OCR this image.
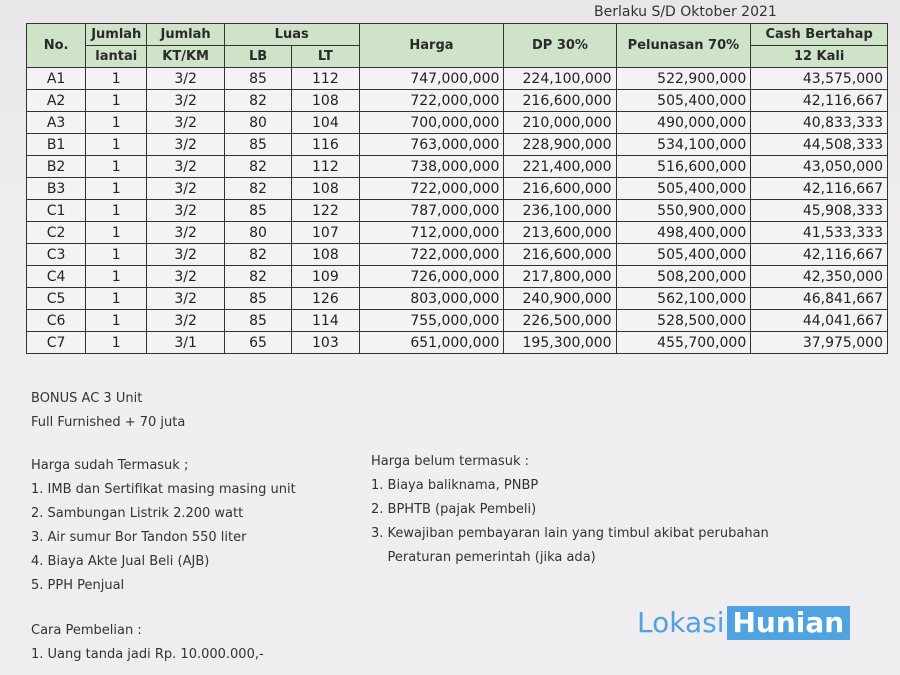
Berlaku S/D Oktober 2021
No.	Jumlah	Jumlah	Luas		Harga	DP 30%	Pelunasan 70%	Cash Bertahap
	lantai	KT/KM	LB	LT				12 Kali
A1	1	3/2	85	112	747,000,000	224,100,000	522,900,000	43,575,000
A2	1	3/2	82	108	722,000,000	216,600,000	505,400,000	42,116,667
A3	1	3/2	80	104	700,000,000	210,000,000	490,000,000	40,833,333
B1	1	3/2	85	116	763,000,000	228,900,000	534,100,000	44,508,333
B2	1	3/2	82	112	738,000,000	221,400,000	516,600,000	43,050,000
B3	1	3/2	82	108	722,000,000	216,600,000	505,400,000	42,116,667
C1	1	3/2	85	122	787,000,000	236,100,000	550,900,000	45,908,333
C2	1	3/2	80	107	712,000,000	213,600,000	498,400,000	41,533,333
C3	1	3/2	82	108	722,000,000	216,600,000	505,400,000	42,116,667
C4	1	3/2	82	109	726,000,000	217,800,000	508,200,000	42,350,000
C5	1	3/2	85	126	803,000,000	240,900,000	562,100,000	46,841,667
C6	1	3/2	85	114	755,000,000	226,500,000	528,500,000	44,041,667
C7	1	3/1	65	103	651,000,000	195,300,000	455,700,000	37,975,000

BONUS AC 3 Unit

Full Furnished + 70 juta

Harga sudah Termasuk ;

1. IMB dan Sertifikat masing masing unit
2. Sambungan Listrik 2.200 watt
3. Air sumur Bor Tandon 550 liter
4. Biaya Akte Jual Beli (AJB)
5. PPH Penjual

Harga belum termasuk :

1. Biaya baliknama, PNBP
2. BPHTB (pajak Pembeli)
3. Kewajiban pembayaran lain yang timbul akibat perubahan
Peraturan pemerintah (jika ada)

Cara Pembelian :

1. Uang tanda jadi Rp. 10.000.000,-
Lokasi Hunian
